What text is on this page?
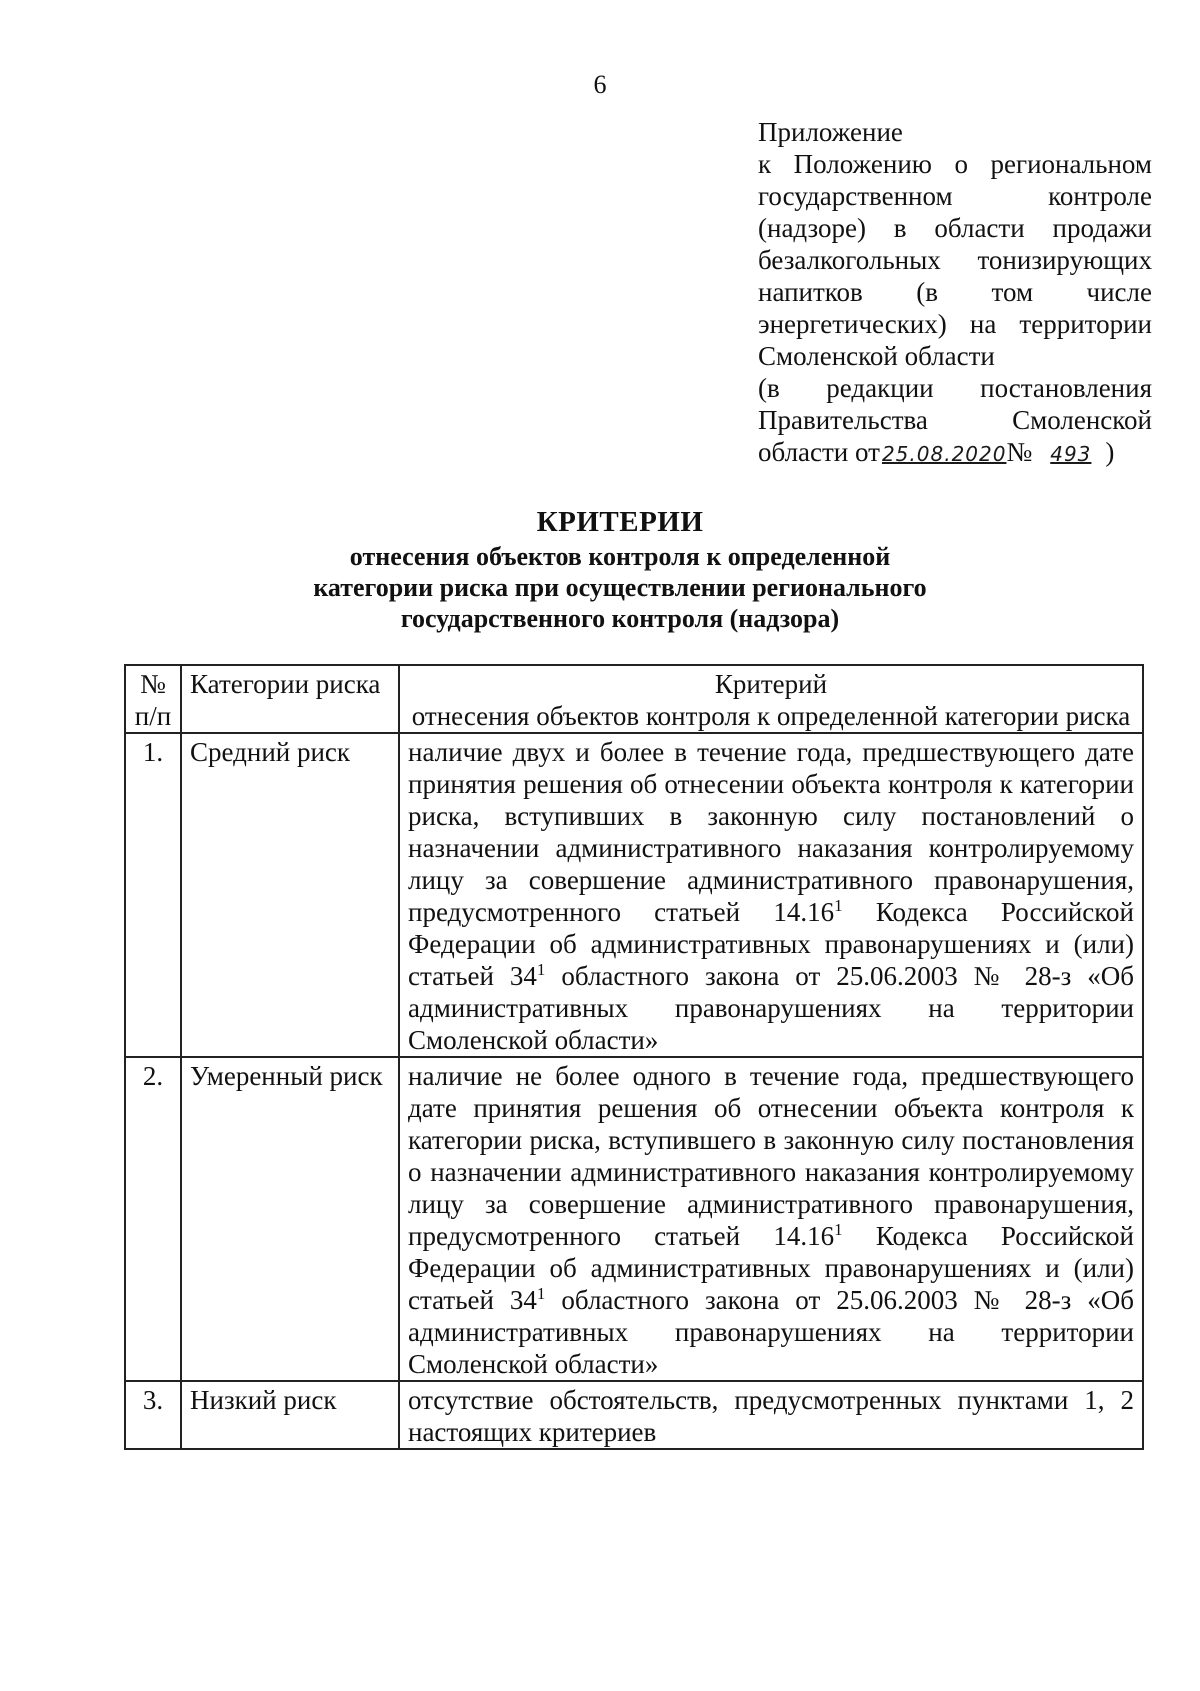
6
Приложение
к Положению о региональном
государственном контроле
(надзоре) в области продажи
безалкогольных тонизирующих
напитков (в том числе
энергетических) на территории
Смоленской области
(в редакции постановления
Правительства Смоленской
области от 25.08.2020№ 493 )
КРИТЕРИИ
отнесения объектов контроля к определенной
категории риска при осуществлении регионального
государственного контроля (надзора)
№ п/п	Категории риска	Критерий
отнесения объектов контроля к определенной категории риска

1.	Средний риск	наличие двух и более в течение года, предшествующего дате принятия решения об отнесении объекта контроля к категории риска, вступивших в законную силу постановлений о назначении административного наказания контролируемому лицу за совершение административного правонарушения, предусмотренного статьей 14.16$^1$ Кодекса Российской Федерации об административных правонарушениях и (или) статьей $34^1$ областного закона от 25.06.2003 № 28-з «Об административных правонарушениях на территории Смоленской области»
2.	Умеренный риск	наличие не более одного в течение года, предшествующего дате принятия решения об отнесении объекта контроля к категории риска, вступившего в законную силу постановления о назначении административного наказания контролируемому лицу за совершение административного правонарушения, предусмотренного статьей 14.16$^1$ Кодекса Российской Федерации об административных правонарушениях и (или) статьей $34^1$ областного закона от 25.06.2003 № 28-з «Об административных правонарушениях на территории Смоленской области»
3.	Низкий риск	отсутствие обстоятельств, предусмотренных пунктами 1, 2 настоящих критериев
